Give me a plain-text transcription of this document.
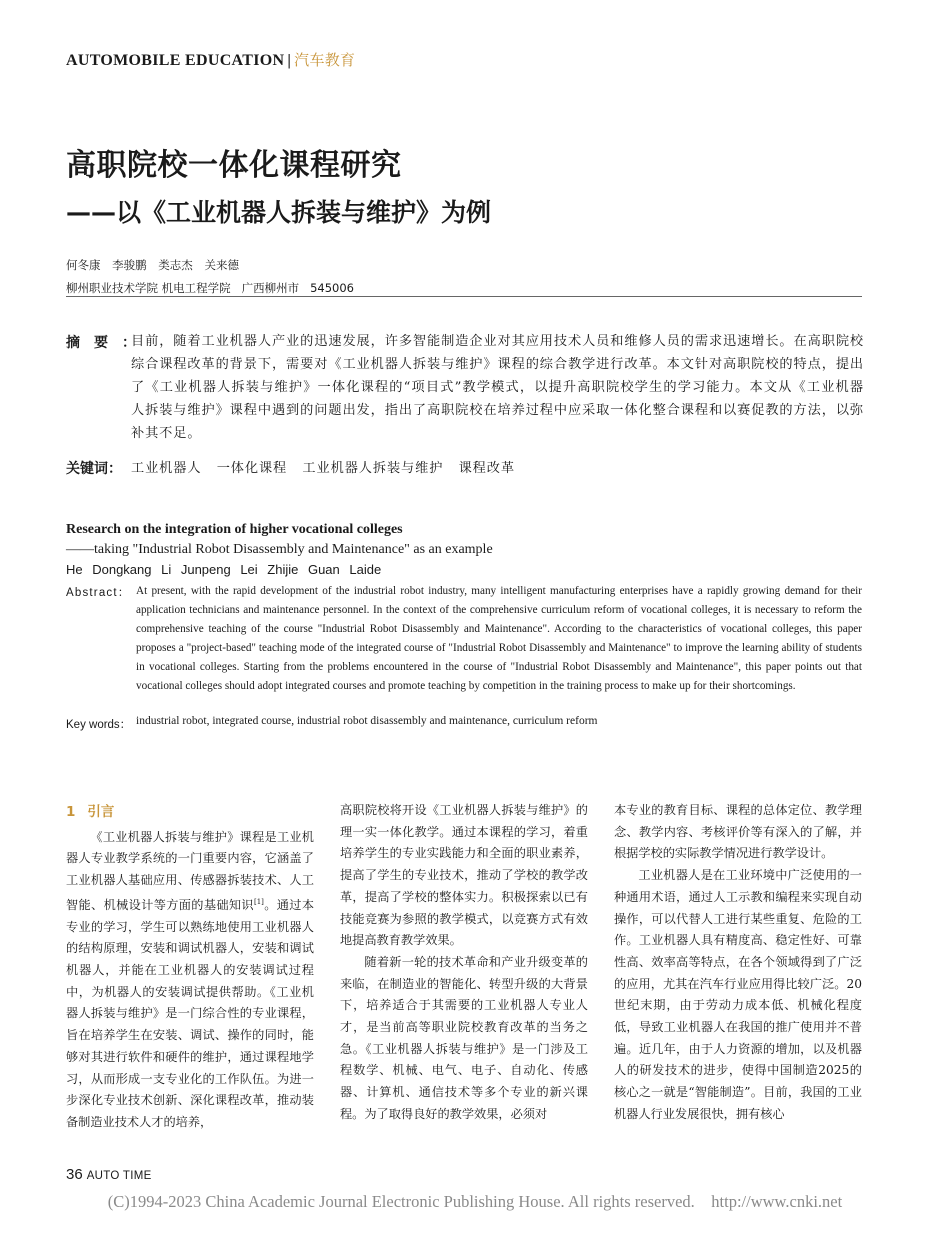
AUTOMOBILE EDUCATION | 汽车教育
高职院校一体化课程研究
——以《工业机器人拆装与维护》为例
何冬康 李骏鹏 类志杰 关来德
柳州职业技术学院 机电工程学院   广西柳州市   545006
摘要：
目前，随着工业机器人产业的迅速发展，许多智能制造企业对其应用技术人员和维修人员的需求迅速增长。在高职院校综合课程改革的背景下，需要对《工业机器人拆装与维护》课程的综合教学进行改革。本文针对高职院校的特点，提出了《工业机器人拆装与维护》一体化课程的“项目式”教学模式，以提升高职院校学生的学习能力。本文从《工业机器人拆装与维护》课程中遇到的问题出发，指出了高职院校在培养过程中应采取一体化整合课程和以赛促教的方法，以弥补其不足。
关键词： 工业机器人   一体化课程   工业机器人拆装与维护   课程改革
Research on the integration of higher vocational colleges
——taking "Industrial Robot Disassembly and Maintenance" as an example
He Dongkang Li Junpeng Lei Zhijie Guan Laide
Abstract： At present, with the rapid development of the industrial robot industry, many intelligent manufacturing enterprises have a rapidly growing demand for their application technicians and maintenance personnel. In the context of the comprehensive curriculum reform of vocational colleges, it is necessary to reform the comprehensive teaching of the course "Industrial Robot Disassembly and Maintenance". According to the characteristics of vocational colleges, this paper proposes a "project-based" teaching mode of the integrated course of "Industrial Robot Disassembly and Maintenance" to improve the learning ability of students in vocational colleges. Starting from the problems encountered in the course of "Industrial Robot Disassembly and Maintenance", this paper points out that vocational colleges should adopt integrated courses and promote teaching by competition in the training process to make up for their shortcomings.
Key words： industrial robot, integrated course, industrial robot disassembly and maintenance, curriculum reform
1 引言

《工业机器人拆装与维护》课程是工业机器人专业教学系统的一门重要内容，它涵盖了工业机器人基础应用、传感器拆装技术、人工智能、机械设计等方面的基础知识[1]。通过本专业的学习，学生可以熟练地使用工业机器人的结构原理，安装和调试机器人，安装和调试机器人，并能在工业机器人的安装调试过程中，为机器人的安装调试提供帮助。《工业机器人拆装与维护》是一门综合性的专业课程，旨在培养学生在安装、调试、操作的同时，能够对其进行软件和硬件的维护，通过课程地学习，从而形成一支专业化的工作队伍。为进一步深化专业技术创新、深化课程改革，推动装备制造业技术人才的培养，

高职院校将开设《工业机器人拆装与维护》的理一实一体化教学。通过本课程的学习，着重培养学生的专业实践能力和全面的职业素养，提高了学生的专业技术，推动了学校的教学改革，提高了学校的整体实力。积极探索以已有技能竞赛为参照的教学模式，以竞赛方式有效地提高教育教学效果。

随着新一轮的技术革命和产业升级变革的来临，在制造业的智能化、转型升级的大背景下，培养适合于其需要的工业机器人专业人才，是当前高等职业院校教育改革的当务之急。《工业机器人拆装与维护》是一门涉及工程数学、机械、电气、电子、自动化、传感器、计算机、通信技术等多个专业的新兴课程。为了取得良好的教学效果，必须对

本专业的教育目标、课程的总体定位、教学理念、教学内容、考核评价等有深入的了解，并根据学校的实际教学情况进行教学设计。

工业机器人是在工业环境中广泛使用的一种通用术语，通过人工示教和编程来实现自动操作，可以代替人工进行某些重复、危险的工作。工业机器人具有精度高、稳定性好、可靠性高、效率高等特点，在各个领域得到了广泛的应用，尤其在汽车行业应用得比较广泛。20世纪末期，由于劳动力成本低、机械化程度低，导致工业机器人在我国的推广使用并不普遍。近几年，由于人力资源的增加，以及机器人的研发技术的进步，使得中国制造2025的核心之一就是“智能制造”。目前，我国的工业机器人行业发展很快，拥有核心

36 AUTO TIME
(C)1994-2023 China Academic Journal Electronic Publishing House. All rights reserved.    http://www.cnki.net
